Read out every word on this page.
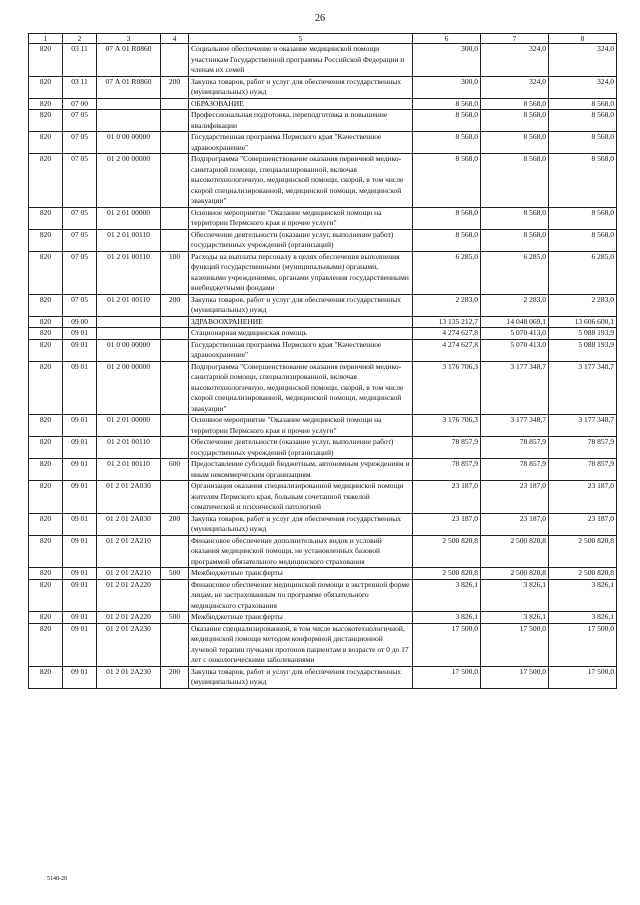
26
1	2	3	4	5	6	7	8
820	03 11	07 А 01 R0860		Социальное обеспечение и оказание медицинской помощи участникам Государственной программы Российской Федерации и членам их семей	300,0	324,0	324,0
820	03 11	07 А 01 R0860	200	Закупка товаров, работ и услуг для обеспечения государственных (муниципальных) нужд	300,0	324,0	324,0
820	07 00			ОБРАЗОВАНИЕ	8 568,0	8 568,0	8 568,0
820	07 05			Профессиональная подготовка, переподготовка и повышение квалификации	8 568,0	8 568,0	8 568,0
820	07 05	01 0 00 00000		Государственная программа Пермского края "Качественное здравоохранение"	8 568,0	8 568,0	8 568,0
820	07 05	01 2 00 00000		Подпрограмма "Совершенствование оказания первичной медико-санитарной помощи, специализированной, включая высокотехнологичную, медицинской помощи, скорой, в том числе скорой специализированной, медицинской помощи, медицинской эвакуации"	8 568,0	8 568,0	8 568,0
820	07 05	01 2 01 00000		Основное мероприятие "Оказание медицинской помощи на территории Пермского края и прочие услуги"	8 568,0	8 568,0	8 568,0
820	07 05	01 2 01 00110		Обеспечение деятельности (оказание услуг, выполнение работ) государственных учреждений (организаций)	8 568,0	8 568,0	8 568,0
820	07 05	01 2 01 00110	100	Расходы на выплаты персоналу в целях обеспечения выполнения функций государственными (муниципальными) органами, казенными учреждениями, органами управления государственными внебюджетными фондами	6 285,0	6 285,0	6 285,0
820	07 05	01 2 01 00110	200	Закупка товаров, работ и услуг для обеспечения государственных (муниципальных) нужд	2 283,0	2 283,0	2 283,0
820	09 00			ЗДРАВООХРАНЕНИЕ	13 135 212,7	14 048 069,1	13 606 600,1
820	09 01			Стационарная медицинская помощь	4 274 627,8	5 070 413,0	5 088 193,9
820	09 01	01 0 00 00000		Государственная программа Пермского края "Качественное здравоохранение"	4 274 627,8	5 070 413,0	5 088 193,9
820	09 01	01 2 00 00000		Подпрограмма "Совершенствование оказания первичной медико-санитарной помощи, специализированной, включая высокотехнологичную, медицинской помощи, скорой, в том числе скорой специализированной, медицинской помощи, медицинской эвакуации"	3 176 706,3	3 177 348,7	3 177 348,7
820	09 01	01 2 01 00000		Основное мероприятие "Оказание медицинской помощи на территории Пермского края и прочие услуги"	3 176 706,3	3 177 348,7	3 177 348,7
820	09 01	01 2 01 00110		Обеспечение деятельности (оказание услуг, выполнение работ) государственных учреждений (организаций)	78 857,9	78 857,9	78 857,9
820	09 01	01 2 01 00110	600	Предоставление субсидий бюджетным, автономным учреждениям и иным некоммерческим организациям	78 857,9	78 857,9	78 857,9
820	09 01	01 2 01 2А030		Организация оказания специализированной медицинской помощи жителям Пермского края, больным сочетанной тяжелой соматической и психической патологией	23 187,0	23 187,0	23 187,0
820	09 01	01 2 01 2А030	200	Закупка товаров, работ и услуг для обеспечения государственных (муниципальных) нужд	23 187,0	23 187,0	23 187,0
820	09 01	01 2 01 2А210		Финансовое обеспечение дополнительных видов и условий оказания медицинской помощи, не установленных базовой программой обязательного медицинского страхования	2 500 820,8	2 500 820,8	2 500 820,8
820	09 01	01 2 01 2А210	500	Межбюджетные трансферты	2 500 820,8	2 500 820,8	2 500 820,8
820	09 01	01 2 01 2А220		Финансовое обеспечение медицинской помощи в экстренной форме лицам, не застрахованным по программе обязательного медицинского страхования	3 826,1	3 826,1	3 826,1
820	09 01	01 2 01 2А220	500	Межбюджетные трансферты	3 826,1	3 826,1	3 826,1
820	09 01	01 2 01 2А230		Оказание специализированной, в том числе высокотехнологичной, медицинской помощи методом конформной дистанционной лучевой терапии пучками протонов пациентам в возрасте от 0 до 17 лет с онкологическими заболеваниями	17 500,0	17 500,0	17 500,0
820	09 01	01 2 01 2А230	200	Закупка товаров, работ и услуг для обеспечения государственных (муниципальных) нужд	17 500,0	17 500,0	17 500,0
5148-20
